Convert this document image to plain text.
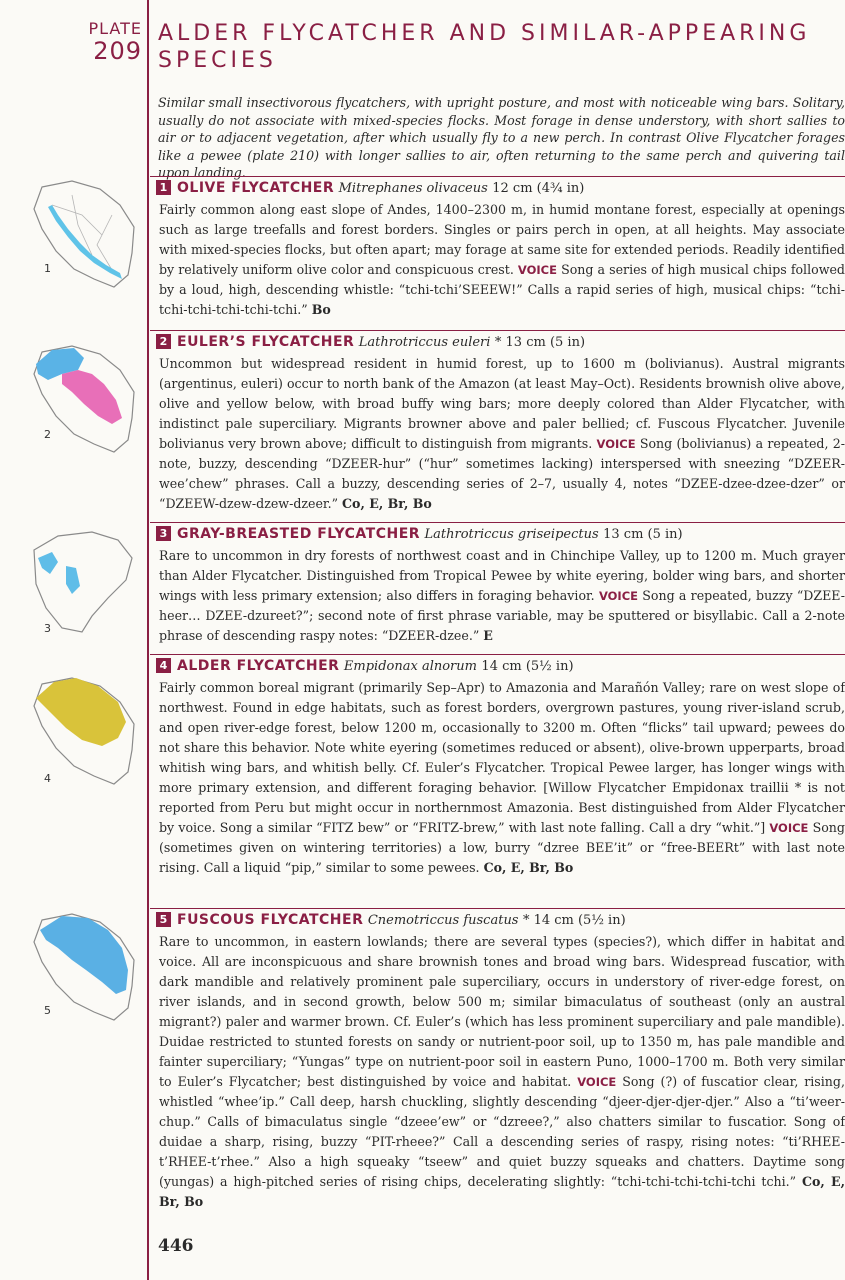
PLATE
209
ALDER FLYCATCHER AND SIMILAR-APPEARING SPECIES

Similar small insectivorous flycatchers, with upright posture, and most with noticeable wing bars. Solitary, usually do not associate with mixed-species flocks. Most forage in dense understory, with short sallies to air or to adjacent vegetation, after which usually fly to a new perch. In contrast Olive Flycatcher forages like a pewee (plate 210) with longer sallies to air, often returning to the same perch and quivering tail upon landing.

1 OLIVE FLYCATCHER Mitrephanes olivaceus 12 cm (4¾ in)

Fairly common along east slope of Andes, 1400–2300 m, in humid montane forest, especially at openings such as large treefalls and forest borders. Singles or pairs perch in open, at all heights. May associate with mixed-species flocks, but often apart; may forage at same site for extended periods. Readily identified by relatively uniform olive color and conspicuous crest. VOICE Song a series of high musical chips followed by a loud, high, descending whistle: “tchi-tchi’SEEEW!” Calls a rapid series of high, musical chips: “tchi-tchi-tchi-tchi-tchi-tchi.” Bo

2 EULER’S FLYCATCHER Lathrotriccus euleri * 13 cm (5 in)

Uncommon but widespread resident in humid forest, up to 1600 m (bolivianus). Austral migrants (argentinus, euleri) occur to north bank of the Amazon (at least May–Oct). Residents brownish olive above, olive and yellow below, with broad buffy wing bars; more deeply colored than Alder Flycatcher, with indistinct pale superciliary. Migrants browner above and paler bellied; cf. Fuscous Flycatcher. Juvenile bolivianus very brown above; difficult to distinguish from migrants. VOICE Song (bolivianus) a repeated, 2-note, buzzy, descending “DZEER-hur” (“hur” sometimes lacking) interspersed with sneezing “DZEER-wee’chew” phrases. Call a buzzy, descending series of 2–7, usually 4, notes “DZEE-dzee-dzee-dzer” or “DZEEW-dzew-dzew-dzeer.” Co, E, Br, Bo

3 GRAY-BREASTED FLYCATCHER Lathrotriccus griseipectus 13 cm (5 in)

Rare to uncommon in dry forests of northwest coast and in Chinchipe Valley, up to 1200 m. Much grayer than Alder Flycatcher. Distinguished from Tropical Pewee by white eyering, bolder wing bars, and shorter wings with less primary extension; also differs in foraging behavior. VOICE Song a repeated, buzzy “DZEE-heer… DZEE-dzureet?”; second note of first phrase variable, may be sputtered or bisyllabic. Call a 2-note phrase of descending raspy notes: “DZEER-dzee.” E

4 ALDER FLYCATCHER Empidonax alnorum 14 cm (5½ in)

Fairly common boreal migrant (primarily Sep–Apr) to Amazonia and Marañón Valley; rare on west slope of northwest. Found in edge habitats, such as forest borders, overgrown pastures, young river-island scrub, and open river-edge forest, below 1200 m, occasionally to 3200 m. Often “flicks” tail upward; pewees do not share this behavior. Note white eyering (sometimes reduced or absent), olive-brown upperparts, broad whitish wing bars, and whitish belly. Cf. Euler’s Flycatcher. Tropical Pewee larger, has longer wings with more primary extension, and different foraging behavior. [Willow Flycatcher Empidonax traillii * is not reported from Peru but might occur in northernmost Amazonia. Best distinguished from Alder Flycatcher by voice. Song a similar “FITZ bew” or “FRITZ-brew,” with last note falling. Call a dry “whit.”] VOICE Song (sometimes given on wintering territories) a low, burry “dzree BEE’it” or “free-BEERt” with last note rising. Call a liquid “pip,” similar to some pewees. Co, E, Br, Bo

5 FUSCOUS FLYCATCHER Cnemotriccus fuscatus * 14 cm (5½ in)

Rare to uncommon, in eastern lowlands; there are several types (species?), which differ in habitat and voice. All are inconspicuous and share brownish tones and broad wing bars. Widespread fuscatior, with dark mandible and relatively prominent pale superciliary, occurs in understory of river-edge forest, on river islands, and in second growth, below 500 m; similar bimaculatus of southeast (only an austral migrant?) paler and warmer brown. Cf. Euler’s (which has less prominent superciliary and pale mandible). Duidae restricted to stunted forests on sandy or nutrient-poor soil, up to 1350 m, has pale mandible and fainter superciliary; “Yungas” type on nutrient-poor soil in eastern Puno, 1000–1700 m. Both very similar to Euler’s Flycatcher; best distinguished by voice and habitat. VOICE Song (?) of fuscatior clear, rising, whistled “whee’ip.” Call deep, harsh chuckling, slightly descending “djeer-djer-djer-djer.” Also a “ti’weer-chup.” Calls of bimaculatus single “dzeee’ew” or “dzreee?,” also chatters similar to fuscatior. Song of duidae a sharp, rising, buzzy “PIT-rheee?” Call a descending series of raspy, rising notes: “ti’RHEE-t’RHEE-t’rhee.” Also a high squeaky “tseew” and quiet buzzy squeaks and chatters. Daytime song (yungas) a high-pitched series of rising chips, decelerating slightly: “tchi-tchi-tchi-tchi-tchi tchi.” Co, E, Br, Bo

1
2
3
4
5
446
